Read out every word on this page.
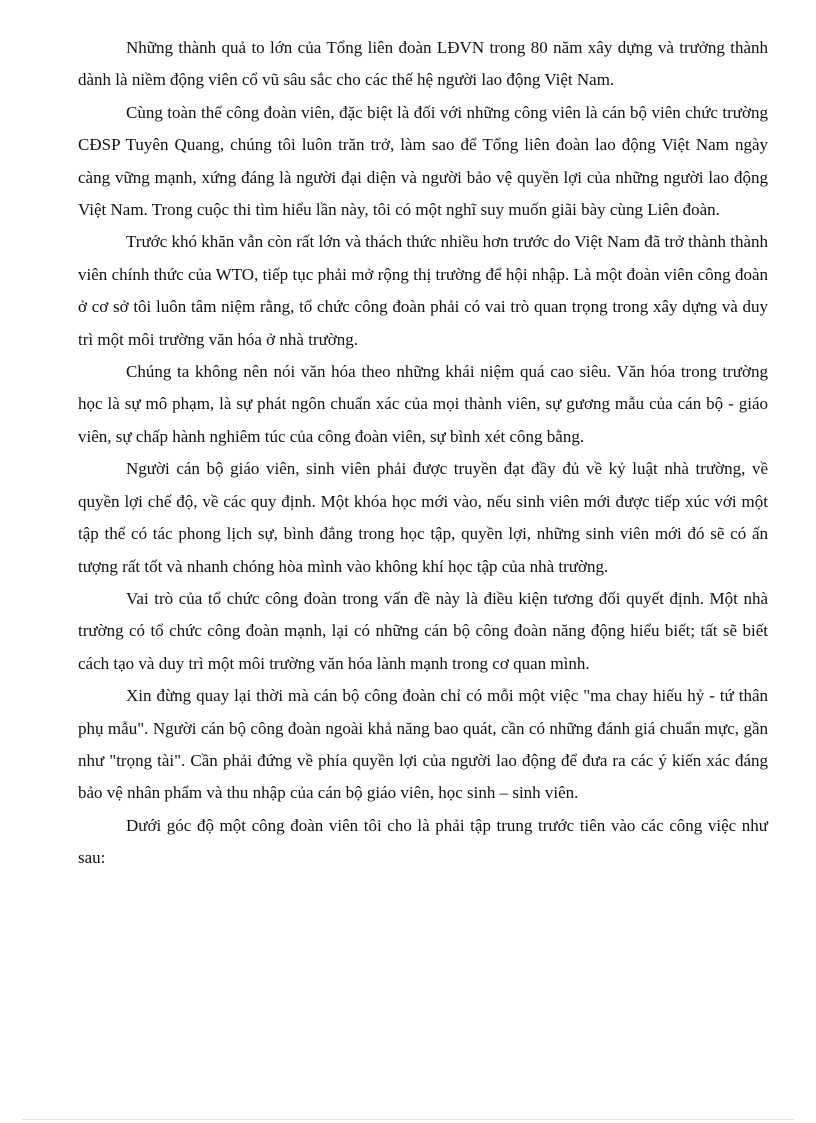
Những thành quả to lớn của Tổng liên đoàn LĐVN trong 80 năm xây dựng và trưởng thành dành là niềm động viên cổ vũ sâu sắc cho các thế hệ người lao động Việt Nam.

Cùng toàn thể công đoàn viên, đặc biệt là đối với những công viên là cán bộ viên chức trường CĐSP Tuyên Quang, chúng tôi luôn trăn trở, làm sao để Tổng liên đoàn lao động Việt Nam ngày càng vững mạnh, xứng đáng là người đại diện và người bảo vệ quyền lợi của những người lao động Việt Nam. Trong cuộc thi tìm hiểu lần này, tôi có một nghĩ suy muốn giãi bày cùng Liên đoàn.

Trước khó khăn vẫn còn rất lớn và thách thức nhiều hơn trước do Việt Nam đã trở thành thành viên chính thức của WTO, tiếp tục phải mở rộng thị trường để hội nhập. Là một đoàn viên công đoàn ở cơ sở tôi luôn tâm niệm rằng, tổ chức công đoàn phải có vai trò quan trọng trong xây dựng và duy trì một môi trường văn hóa ở nhà trường.

Chúng ta không nên nói văn hóa theo những khái niệm quá cao siêu. Văn hóa trong trường học là sự mô phạm, là sự phát ngôn chuẩn xác của mọi thành viên, sự gương mẫu của cán bộ - giáo viên, sự chấp hành nghiêm túc của công đoàn viên, sự bình xét công bằng.

Người cán bộ giáo viên, sinh viên phải được truyền đạt đầy đủ về kỷ luật nhà trường, về quyền lợi chế độ, về các quy định. Một khóa học mới vào, nếu sinh viên mới được tiếp xúc với một tập thể có tác phong lịch sự, bình đẳng trong học tập, quyền lợi, những sinh viên mới đó sẽ có ấn tượng rất tốt và nhanh chóng hòa mình vào không khí học tập của nhà trường.

Vai trò của tổ chức công đoàn trong vấn đề này là điều kiện tương đối quyết định. Một nhà trường có tổ chức công đoàn mạnh, lại có những cán bộ công đoàn năng động hiểu biết; tất sẽ biết cách tạo và duy trì một môi trường văn hóa lành mạnh trong cơ quan mình.

Xin đừng quay lại thời mà cán bộ công đoàn chỉ có mỗi một việc "ma chay hiếu hỷ - tứ thân phụ mẫu". Người cán bộ công đoàn ngoài khả năng bao quát, cần có những đánh giá chuẩn mực, gần như "trọng tài". Cần phải đứng về phía quyền lợi của người lao động để đưa ra các ý kiến xác đáng bảo vệ nhân phẩm và thu nhập của cán bộ giáo viên, học sinh – sinh viên.

Dưới góc độ một công đoàn viên tôi cho là phải tập trung trước tiên vào các công việc như sau:
